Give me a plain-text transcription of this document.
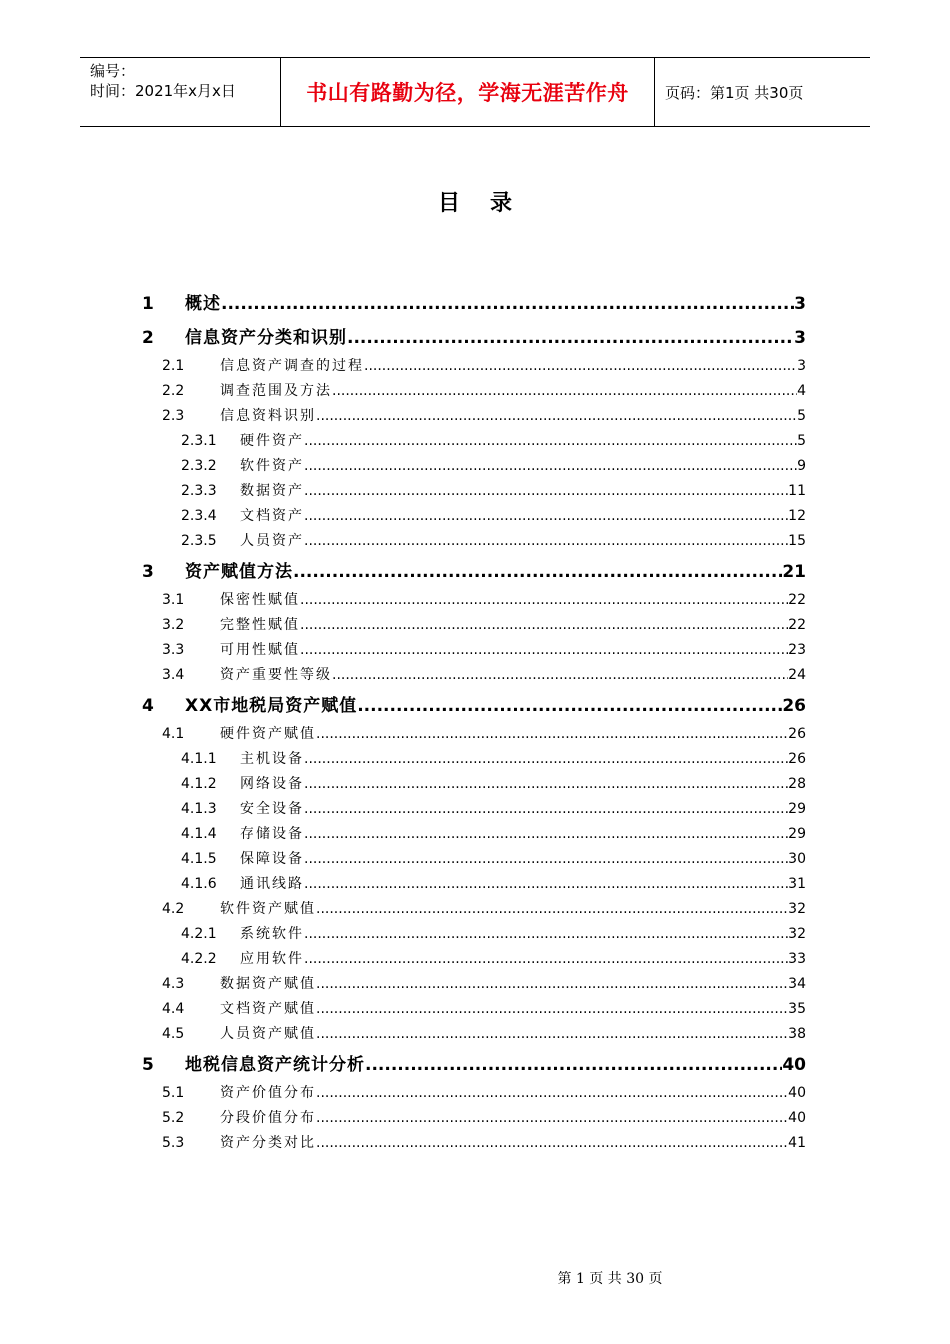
编号：
时间：2021年x月x日	书山有路勤为径，学海无涯苦作舟	页码：第1页 共30页
目录
1	概述 .....	3
2	信息资产分类和识别 .....	3
2.1	信息资产调查的过程 .....	3
2.2	调查范围及方法 .....	4
2.3	信息资料识别 .....	5
2.3.1	硬件资产 .....	5
2.3.2	软件资产 .....	9
2.3.3	数据资产 .....	11
2.3.4	文档资产 .....	12
2.3.5	人员资产 .....	15
3	资产赋值方法 .....	21
3.1	保密性赋值 .....	22
3.2	完整性赋值 .....	22
3.3	可用性赋值 .....	23
3.4	资产重要性等级 .....	24
4	XX市地税局资产赋值 .....	26
4.1	硬件资产赋值 .....	26
4.1.1	主机设备 .....	26
4.1.2	网络设备 .....	28
4.1.3	安全设备 .....	29
4.1.4	存储设备 .....	29
4.1.5	保障设备 .....	30
4.1.6	通讯线路 .....	31
4.2	软件资产赋值 .....	32
4.2.1	系统软件 .....	32
4.2.2	应用软件 .....	33
4.3	数据资产赋值 .....	34
4.4	文档资产赋值 .....	35
4.5	人员资产赋值 .....	38
5	地税信息资产统计分析 .....	40
5.1	资产价值分布 .....	40
5.2	分段价值分布 .....	40
5.3	资产分类对比 .....	41
第 1 页 共 30 页
